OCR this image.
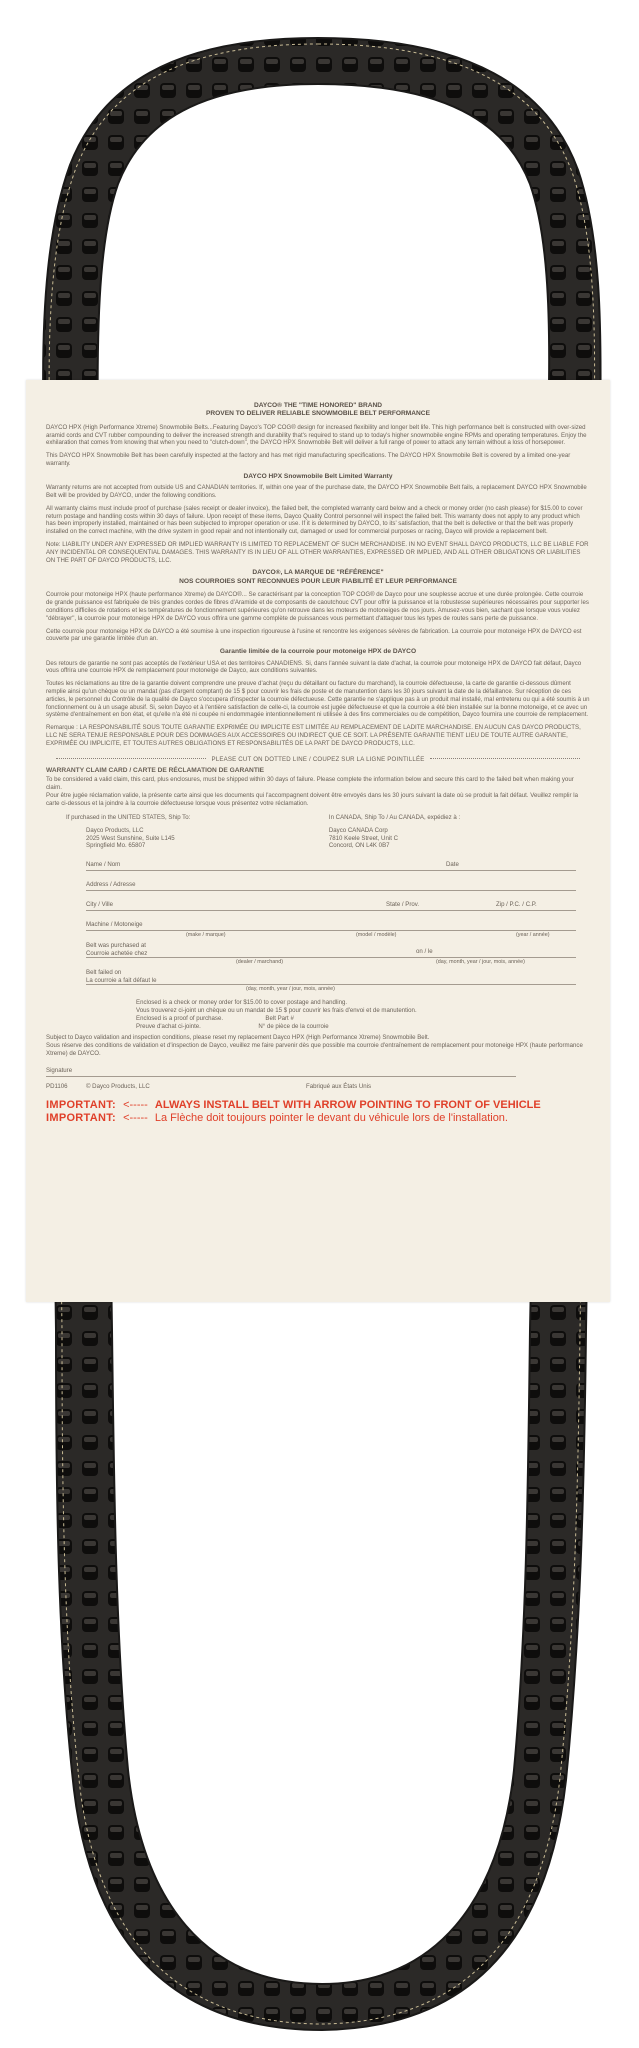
DAYCO® THE "TIME HONORED" BRAND
PROVEN TO DELIVER RELIABLE SNOWMOBILE BELT PERFORMANCE

DAYCO HPX (High Performance Xtreme) Snowmobile Belts...Featuring Dayco's TOP COG® design for increased flexibility and longer belt life. This high performance belt is constructed with over-sized aramid cords and CVT rubber compounding to deliver the increased strength and durability that's required to stand up to today's higher snowmobile engine RPMs and operating temperatures. Enjoy the exhilaration that comes from knowing that when you need to "clutch-down", the DAYCO HPX Snowmobile Belt will deliver a full range of power to attack any terrain without a loss of horsepower.

This DAYCO HPX Snowmobile Belt has been carefully inspected at the factory and has met rigid manufacturing specifications. The DAYCO HPX Snowmobile Belt is covered by a limited one-year warranty.

DAYCO HPX Snowmobile Belt Limited Warranty

Warranty returns are not accepted from outside US and CANADIAN territories. If, within one year of the purchase date, the DAYCO HPX Snowmobile Belt fails, a replacement DAYCO HPX Snowmobile Belt will be provided by DAYCO, under the following conditions.

All warranty claims must include proof of purchase (sales receipt or dealer invoice), the failed belt, the completed warranty card below and a check or money order (no cash please) for $15.00 to cover return postage and handling costs within 30 days of failure. Upon receipt of these items, Dayco Quality Control personnel will inspect the failed belt. This warranty does not apply to any product which has been improperly installed, maintained or has been subjected to improper operation or use. If it is determined by DAYCO, to its' satisfaction, that the belt is defective or that the belt was properly installed on the correct machine, with the drive system in good repair and not intentionally cut, damaged or used for commercial purposes or racing, Dayco will provide a replacement belt.

Note: LIABILITY UNDER ANY EXPRESSED OR IMPLIED WARRANTY IS LIMITED TO REPLACEMENT OF SUCH MERCHANDISE. IN NO EVENT SHALL DAYCO PRODUCTS, LLC BE LIABLE FOR ANY INCIDENTAL OR CONSEQUENTIAL DAMAGES. THIS WARRANTY IS IN LIEU OF ALL OTHER WARRANTIES, EXPRESSED OR IMPLIED, AND ALL OTHER OBLIGATIONS OR LIABILITIES ON THE PART OF DAYCO PRODUCTS, LLC.

DAYCO®, LA MARQUE DE "RÉFÉRENCE"
NOS COURROIES SONT RECONNUES POUR LEUR FIABILITÉ ET LEUR PERFORMANCE

Courroie pour motoneige HPX (haute performance Xtreme) de DAYCO®... Se caractérisant par la conception TOP COG® de Dayco pour une souplesse accrue et une durée prolongée. Cette courroie de grande puissance est fabriquée de très grandes cordes de fibres d'Aramide et de composants de caoutchouc CVT pour offrir la puissance et la robustesse supérieures nécessaires pour supporter les conditions difficiles de rotations et les températures de fonctionnement supérieures qu'on retrouve dans les moteurs de motoneiges de nos jours. Amusez-vous bien, sachant que lorsque vous voulez "débrayer", la courroie pour motoneige HPX de DAYCO vous offrira une gamme complète de puissances vous permettant d'attaquer tous les types de routes sans perte de puissance.

Cette courroie pour motoneige HPX de DAYCO a été soumise à une inspection rigoureuse à l'usine et rencontre les exigences sévères de fabrication. La courroie pour motoneige HPX de DAYCO est couverte par une garantie limitée d'un an.

Garantie limitée de la courroie pour motoneige HPX de DAYCO

Des retours de garantie ne sont pas acceptés de l'extérieur USA et des territoires CANADIENS. Si, dans l'année suivant la date d'achat, la courroie pour motoneige HPX de DAYCO fait défaut, Dayco vous offrira une courroie HPX de remplacement pour motoneige de Dayco, aux conditions suivantes.

Toutes les réclamations au titre de la garantie doivent comprendre une preuve d'achat (reçu du détaillant ou facture du marchand), la courroie défectueuse, la carte de garantie ci-dessous dûment remplie ainsi qu'un chèque ou un mandat (pas d'argent comptant) de 15 $ pour couvrir les frais de poste et de manutention dans les 30 jours suivant la date de la défaillance. Sur réception de ces articles, le personnel du Contrôle de la qualité de Dayco s'occupera d'inspecter la courroie défectueuse. Cette garantie ne s'applique pas à un produit mal installé, mal entretenu ou qui a été soumis à un fonctionnement ou à un usage abusif. Si, selon Dayco et à l'entière satisfaction de celle-ci, la courroie est jugée défectueuse et que la courroie a été bien installée sur la bonne motoneige, et ce avec un système d'entraînement en bon état, et qu'elle n'a été ni coupée ni endommagée intentionnellement ni utilisée à des fins commerciales ou de compétition, Dayco fournira une courroie de remplacement.

Remarque : LA RESPONSABILITÉ SOUS TOUTE GARANTIE EXPRIMÉE OU IMPLICITE EST LIMITÉE AU REMPLACEMENT DE LADITE MARCHANDISE. EN AUCUN CAS DAYCO PRODUCTS, LLC NE SERA TENUE RESPONSABLE POUR DES DOMMAGES AUX ACCESSOIRES OU INDIRECT QUE CE SOIT. LA PRÉSENTE GARANTIE TIENT LIEU DE TOUTE AUTRE GARANTIE, EXPRIMÉE OU IMPLICITE, ET TOUTES AUTRES OBLIGATIONS ET RESPONSABILITÉS DE LA PART DE DAYCO PRODUCTS, LLC.

PLEASE CUT ON DOTTED LINE / COUPEZ SUR LA LIGNE POINTILLÉE
WARRANTY CLAIM CARD / CARTE DE RÉCLAMATION DE GARANTIE

To be considered a valid claim, this card, plus enclosures, must be shipped within 30 days of failure. Please complete the information below and secure this card to the failed belt when making your claim.

Pour être jugée réclamation valide, la présente carte ainsi que les documents qui l'accompagnent doivent être envoyés dans les 30 jours suivant la date où se produit la fait défaut. Veuillez remplir la carte ci-dessous et la joindre à la courroie défectueuse lorsque vous présentez votre réclamation.

If purchased in the UNITED STATES, Ship To:
Dayco Products, LLC
2025 West Sunshine, Suite L145
Springfield Mo. 65807
In CANADA, Ship To / Au CANADA, expédiez à :
Dayco CANADA Corp
7810 Keele Street, Unit C
Concord, ON L4K 0B7
Name / Nom	Date
Address / Adresse
City / Ville	State / Prov.	Zip / P.C. / C.P.
Machine / Motoneige
(make / marque)	(model / modèle)	(year / année)
Belt was purchased at
Courroie achetée chez	on / le
(dealer / marchand)	(day, month, year / jour, mois, année)
Belt failed on
La courroie a fait défaut le
(day, month, year / jour, mois, année)
Enclosed is a check or money order for $15.00 to cover postage and handling.
Vous trouverez ci-joint un chèque ou un mandat de 15 $ pour couvrir les frais d'envoi et de manutention.
Enclosed is a proof of purchase.                         Belt Part #
Preuve d'achat ci-jointe.                                  N° de pièce de la courroie

Subject to Dayco validation and inspection conditions, please reset my replacement Dayco HPX (High Performance Xtreme) Snowmobile Belt.

Sous réserve des conditions de validation et d'inspection de Dayco, veuillez me faire parvenir dès que possible ma courroie d'entraînement de remplacement pour motoneige HPX (haute performance Xtreme) de DAYCO.

Signature
PD1106	© Dayco Products, LLC	Fabriqué aux États Unis
IMPORTANT: <----- ALWAYS INSTALL BELT WITH ARROW POINTING TO FRONT OF VEHICLE
IMPORTANT: <----- La Flèche doit toujours pointer le devant du véhicule lors de l'installation.
